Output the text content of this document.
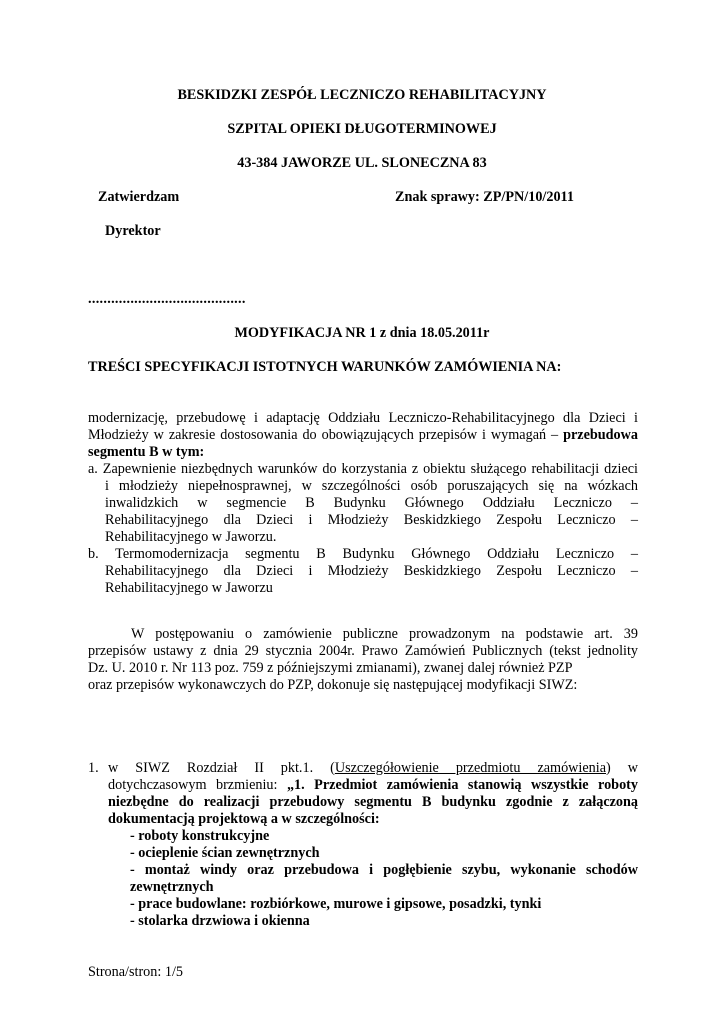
BESKIDZKI ZESPÓŁ LECZNICZO REHABILITACYJNY
SZPITAL OPIEKI DŁUGOTERMINOWEJ
43-384 JAWORZE UL. SLONECZNA 83
Zatwierdzam	Znak sprawy: ZP/PN/10/2011
Dyrektor
.........................................
MODYFIKACJA NR 1 z dnia 18.05.2011r
TREŚCI SPECYFIKACJI ISTOTNYCH WARUNKÓW ZAMÓWIENIA NA:
modernizację, przebudowę i adaptację Oddziału Leczniczo-Rehabilitacyjnego dla Dzieci i
Młodzieży w zakresie dostosowania do obowiązujących przepisów i wymagań – przebudowa
segmentu B w tym:
a. Zapewnienie niezbędnych warunków do korzystania z obiektu służącego rehabilitacji dzieci
i młodzieży niepełnosprawnej, w szczególności osób poruszających się na wózkach
inwalidzkich w segmencie B Budynku Głównego Oddziału Leczniczo –
Rehabilitacyjnego dla Dzieci i Młodzieży Beskidzkiego Zespołu Leczniczo –
Rehabilitacyjnego w Jaworzu.
b. Termomodernizacja segmentu B Budynku Głównego Oddziału Leczniczo –
Rehabilitacyjnego dla Dzieci i Młodzieży Beskidzkiego Zespołu Leczniczo –
Rehabilitacyjnego w Jaworzu
W postępowaniu o zamówienie publiczne prowadzonym na podstawie art. 39
przepisów ustawy z dnia 29 stycznia 2004r. Prawo Zamówień Publicznych (tekst jednolity
Dz. U. 2010 r. Nr 113 poz. 759 z późniejszymi zmianami), zwanej dalej również PZP
oraz przepisów wykonawczych do PZP, dokonuje się następującej modyfikacji SIWZ:
1. w SIWZ Rozdział II pkt.1. (Uszczegółowienie przedmiotu zamówienia) w
dotychczasowym brzmieniu: „1. Przedmiot zamówienia stanowią wszystkie roboty
niezbędne do realizacji przebudowy segmentu B budynku zgodnie z załączoną
dokumentacją projektową a w szczególności:
- roboty konstrukcyjne
- ocieplenie ścian zewnętrznych
- montaż windy oraz przebudowa i pogłębienie szybu, wykonanie schodów
zewnętrznych
- prace budowlane: rozbiórkowe, murowe i gipsowe, posadzki, tynki
- stolarka drzwiowa i okienna
Strona/stron: 1/5
